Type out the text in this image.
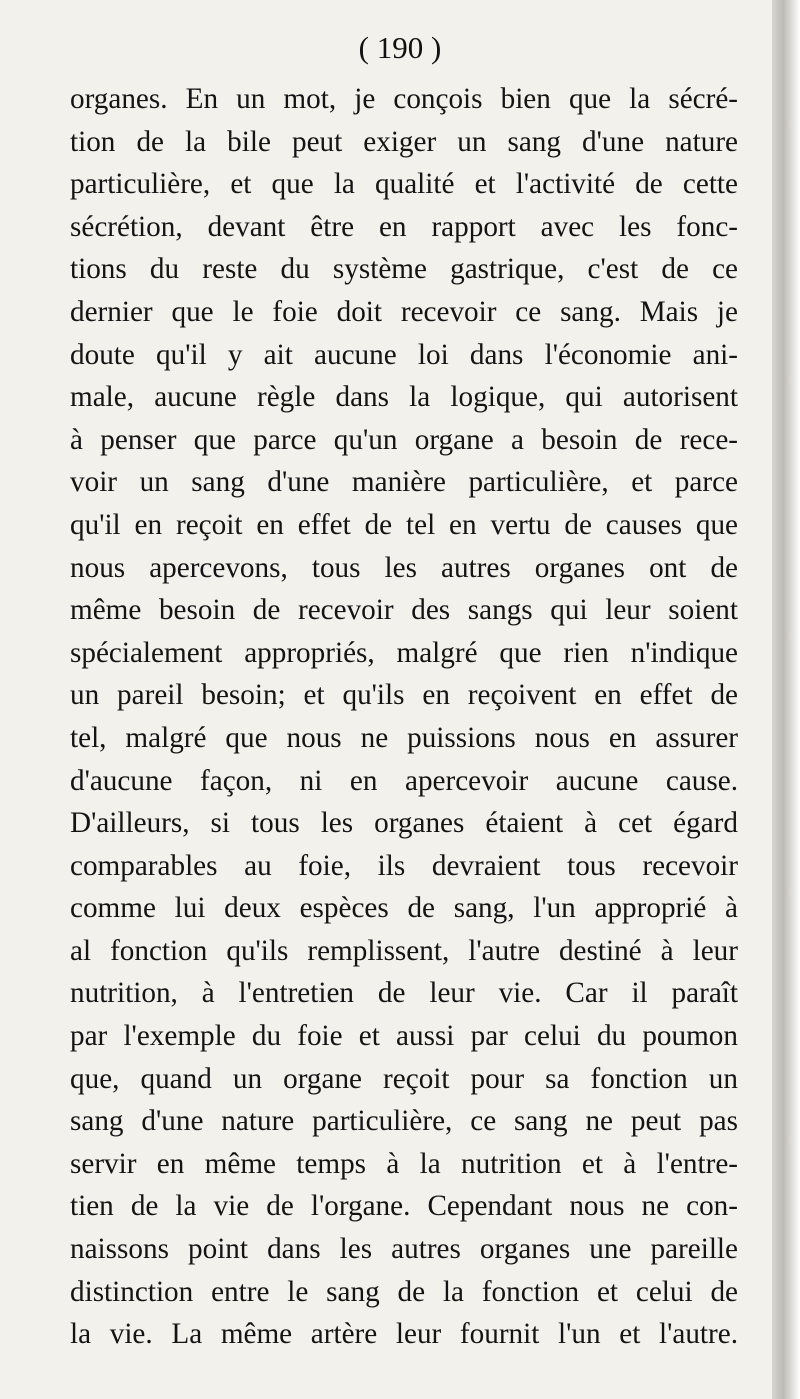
( 190 )
organes. En un mot, je conçois bien que la sécré-
tion de la bile peut exiger un sang d'une nature
particulière, et que la qualité et l'activité de cette
sécrétion, devant être en rapport avec les fonc-
tions du reste du système gastrique, c'est de ce
dernier que le foie doit recevoir ce sang. Mais je
doute qu'il y ait aucune loi dans l'économie ani-
male, aucune règle dans la logique, qui autorisent
à penser que parce qu'un organe a besoin de rece-
voir un sang d'une manière particulière, et parce
qu'il en reçoit en effet de tel en vertu de causes que
nous apercevons, tous les autres organes ont de
même besoin de recevoir des sangs qui leur soient
spécialement appropriés, malgré que rien n'indique
un pareil besoin; et qu'ils en reçoivent en effet de
tel, malgré que nous ne puissions nous en assurer
d'aucune façon, ni en apercevoir aucune cause.
D'ailleurs, si tous les organes étaient à cet égard
comparables au foie, ils devraient tous recevoir
comme lui deux espèces de sang, l'un approprié à
al fonction qu'ils remplissent, l'autre destiné à leur
nutrition, à l'entretien de leur vie. Car il paraît
par l'exemple du foie et aussi par celui du poumon
que, quand un organe reçoit pour sa fonction un
sang d'une nature particulière, ce sang ne peut pas
servir en même temps à la nutrition et à l'entre-
tien de la vie de l'organe. Cependant nous ne con-
naissons point dans les autres organes une pareille
distinction entre le sang de la fonction et celui de
la vie. La même artère leur fournit l'un et l'autre.
